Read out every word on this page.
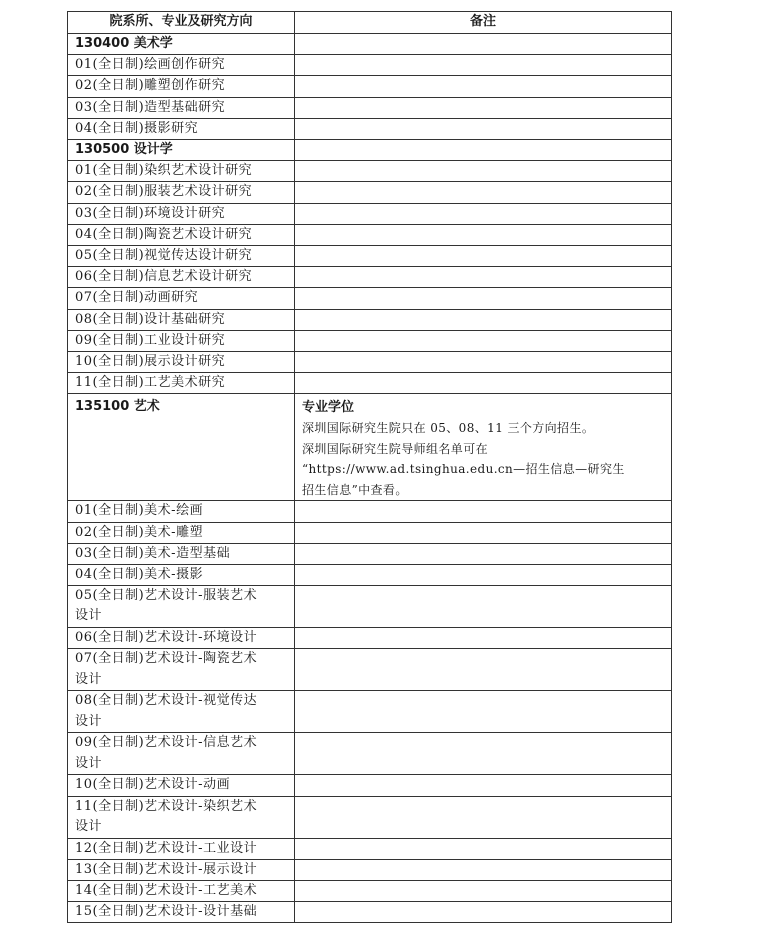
院系所、专业及研究方向	备注
130400 美术学	
01(全日制)绘画创作研究	
02(全日制)雕塑创作研究	
03(全日制)造型基础研究	
04(全日制)摄影研究	
130500 设计学	
01(全日制)染织艺术设计研究	
02(全日制)服装艺术设计研究	
03(全日制)环境设计研究	
04(全日制)陶瓷艺术设计研究	
05(全日制)视觉传达设计研究	
06(全日制)信息艺术设计研究	
07(全日制)动画研究	
08(全日制)设计基础研究	
09(全日制)工业设计研究	
10(全日制)展示设计研究	
11(全日制)工艺美术研究	
135100 艺术	专业学位
深圳国际研究生院只在 05、08、11 三个方向招生。
深圳国际研究生院导师组名单可在
“https://www.ad.tsinghua.edu.cn—招生信息—研究生
招生信息”中查看。

01(全日制)美术-绘画	
02(全日制)美术-雕塑	
03(全日制)美术-造型基础	
04(全日制)美术-摄影	

05(全日制)艺术设计-服装艺术
设计	

06(全日制)艺术设计-环境设计	

07(全日制)艺术设计-陶瓷艺术
设计	

08(全日制)艺术设计-视觉传达
设计	

09(全日制)艺术设计-信息艺术
设计	

10(全日制)艺术设计-动画	

11(全日制)艺术设计-染织艺术
设计	

12(全日制)艺术设计-工业设计	
13(全日制)艺术设计-展示设计	
14(全日制)艺术设计-工艺美术	
15(全日制)艺术设计-设计基础	
